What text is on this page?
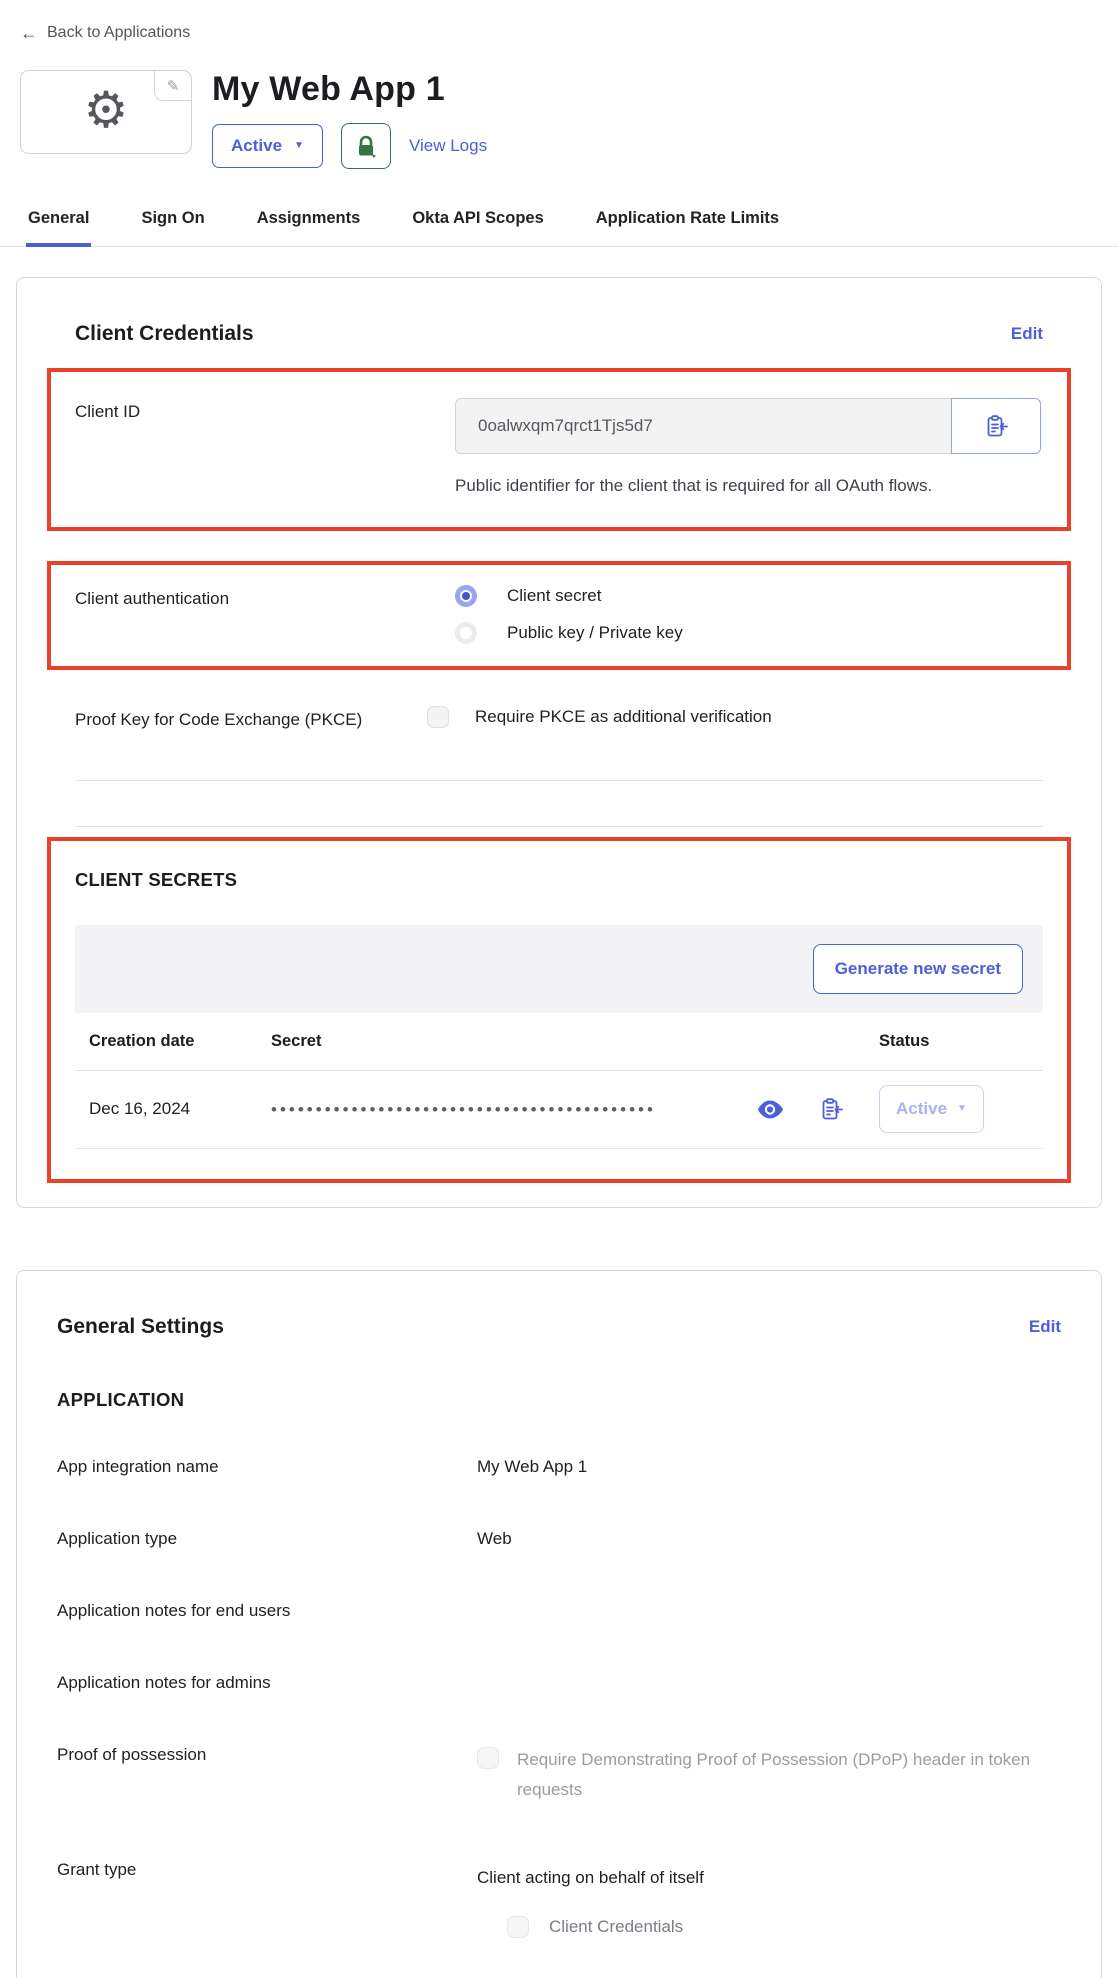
← Back to Applications
⚙	✎ My Web App 1
Active ▼	View Logs
General	Sign On	Assignments	Okta API Scopes	Application Rate Limits
Client Credentials	Edit
Client ID
0oalwxqm7qrct1Tjs5d7
Public identifier for the client that is required for all OAuth flows.
Client authentication	Client secret
Public key / Private key
Proof Key for Code Exchange (PKCE)	Require PKCE as additional verification
CLIENT SECRETS
Generate new secret
Creation date	Secret	Status
Dec 16, 2024	•••••••••••••••••••••••••••••••••••••••••••	Active ▼
General Settings	Edit
APPLICATION
App integration name	My Web App 1
Application type	Web
Application notes for end users
Application notes for admins
Proof of possession	Require Demonstrating Proof of Possession (DPoP) header in token requests
Grant type	Client acting on behalf of itself
Client Credentials
